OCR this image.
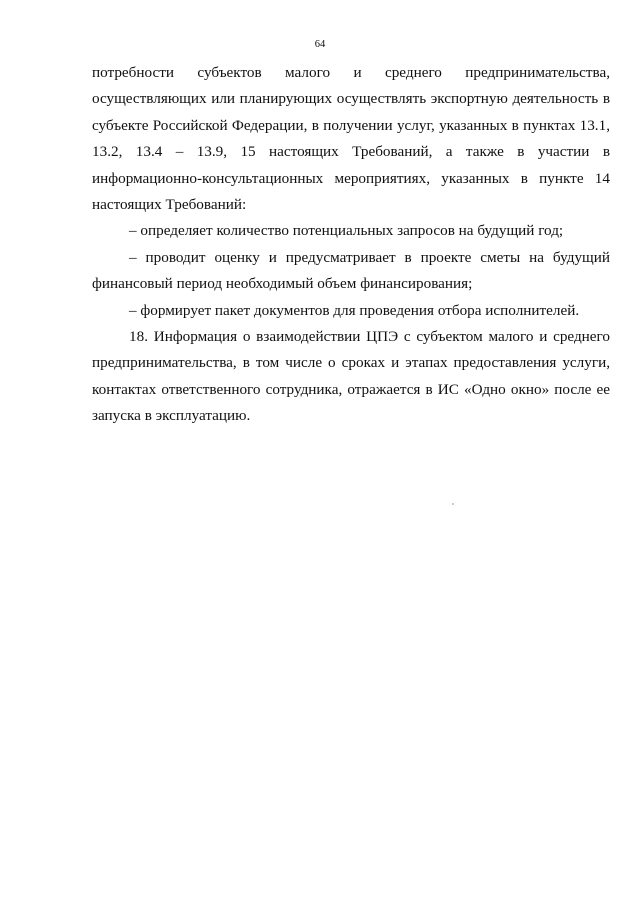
64

потребности субъектов малого и среднего предпринимательства, осуществляющих или планирующих осуществлять экспортную деятельность в субъекте Российской Федерации, в получении услуг, указанных в пунктах 13.1, 13.2, 13.4 – 13.9, 15 настоящих Требований, а также в участии в информационно-консультационных мероприятиях, указанных в пункте 14 настоящих Требований:

– определяет количество потенциальных запросов на будущий год;

– проводит оценку и предусматривает в проекте сметы на будущий финансовый период необходимый объем финансирования;

– формирует пакет документов для проведения отбора исполнителей.

18. Информация о взаимодействии ЦПЭ с субъектом малого и среднего предпринимательства, в том числе о сроках и этапах предоставления услуги, контактах ответственного сотрудника, отражается в ИС «Одно окно» после ее запуска в эксплуатацию.
